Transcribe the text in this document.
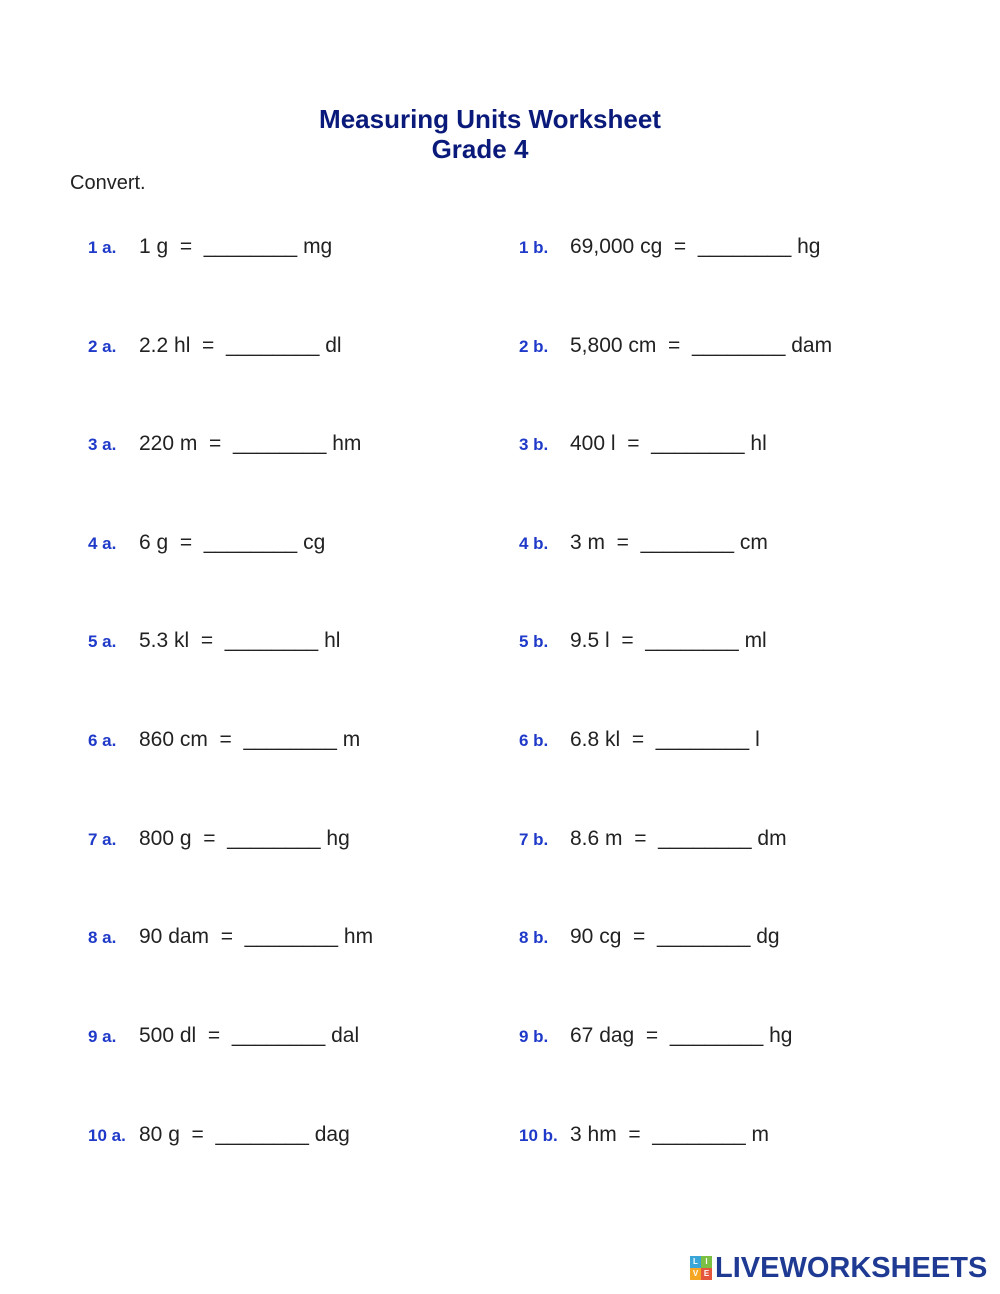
Measuring Units Worksheet
Grade 4
Convert.

1 a.

1 g  =  ________ mg

2 a.

2.2 hl  =  ________ dl

3 a.

220 m  =  ________ hm

4 a.

6 g  =  ________ cg

5 a.

5.3 kl  =  ________ hl

6 a.

860 cm  =  ________ m

7 a.

800 g  =  ________ hg

8 a.

90 dam  =  ________ hm

9 a.

500 dl  =  ________ dal

10 a.

80 g  =  ________ dag

1 b.

69,000 cg  =  ________ hg

2 b.

5,800 cm  =  ________ dam

3 b.

400 l  =  ________ hl

4 b.

3 m  =  ________ cm

5 b.

9.5 l  =  ________ ml

6 b.

6.8 kl  =  ________ l

7 b.

8.6 m  =  ________ dm

8 b.

90 cg  =  ________ dg

9 b.

67 dag  =  ________ hg

10 b.

3 hm  =  ________ m

L I
V E LIVEWORKSHEETS
